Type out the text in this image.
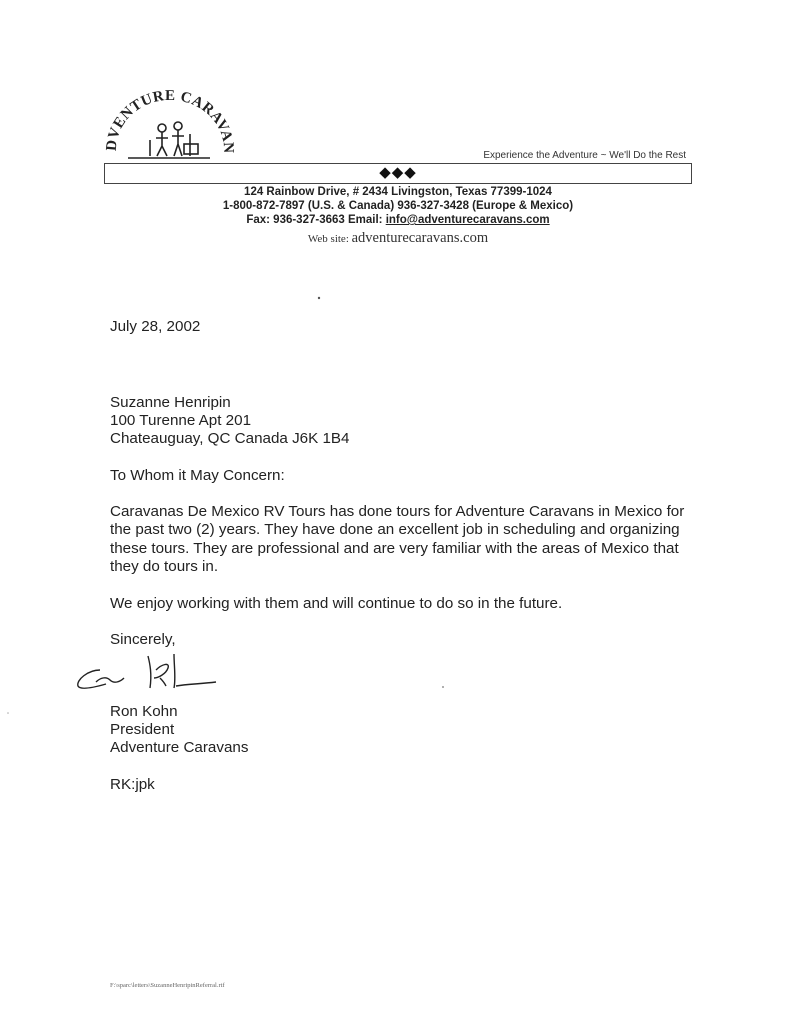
DVENTURE CARAVA
Experience the Adventure ~ We'll Do the Rest
◆◆◆
124 Rainbow Drive, # 2434 Livingston, Texas 77399-1024
1-800-872-7897 (U.S. & Canada) 936-327-3428 (Europe & Mexico)
Fax: 936-327-3663 Email: info@adventurecaravans.com
Web site: adventurecaravans.com
July 28, 2002
Suzanne Henripin
100 Turenne Apt 201
Chateauguay, QC Canada J6K 1B4
To Whom it May Concern:
Caravanas De Mexico RV Tours has done tours for Adventure Caravans in Mexico for the past two (2) years. They have done an excellent job in scheduling and organizing these tours. They are professional and are very familiar with the areas of Mexico that they do tours in.
We enjoy working with them and will continue to do so in the future.
Sincerely,
Ron Kohn
President
Adventure Caravans
RK:jpk
F:\sparc\letters\SuzanneHenripinReferral.rtf
